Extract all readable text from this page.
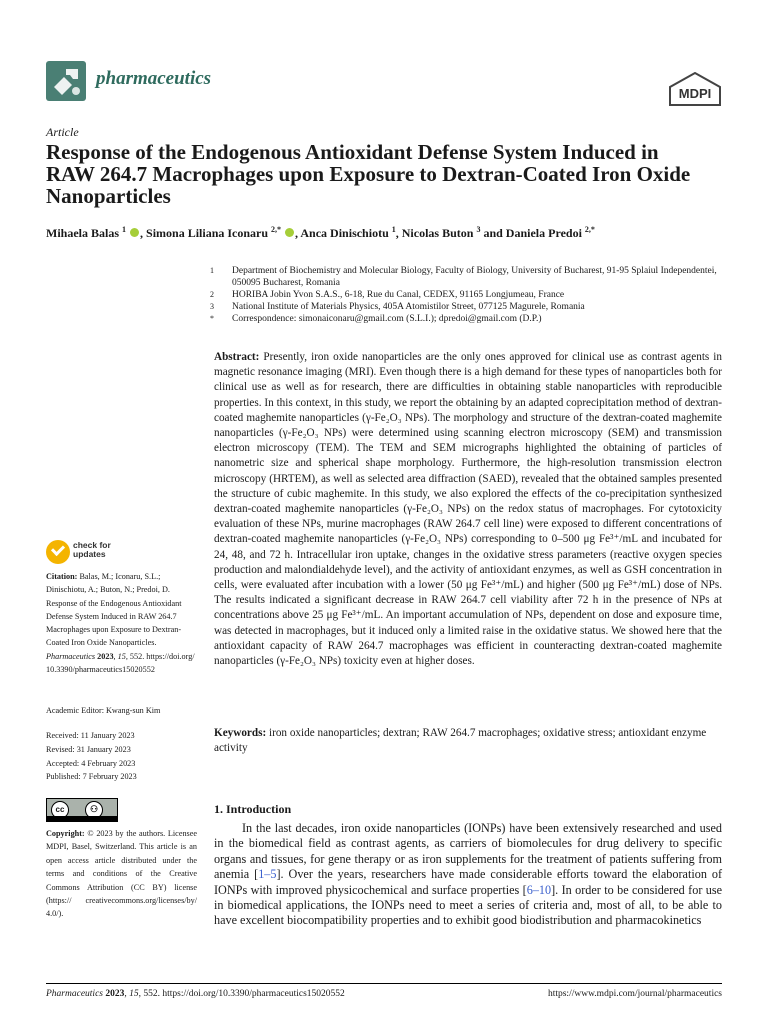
pharmaceutics
MDPI
Article
Response of the Endogenous Antioxidant Defense System Induced in RAW 264.7 Macrophages upon Exposure to Dextran-Coated Iron Oxide Nanoparticles
Mihaela Balas $^1$ , Simona Liliana Iconaru $^{2,*}$ , Anca Dinischiotu $^1$, Nicolas Buton $^3$ and Daniela Predoi $^{2,*}$
1 Department of Biochemistry and Molecular Biology, Faculty of Biology, University of Bucharest, 91-95 Splaiul Independentei, 050095 Bucharest, Romania
2 HORIBA Jobin Yvon S.A.S., 6-18, Rue du Canal, CEDEX, 91165 Longjumeau, France
3 National Institute of Materials Physics, 405A Atomistilor Street, 077125 Magurele, Romania
* Correspondence: simonaiconaru@gmail.com (S.L.I.); dpredoi@gmail.com (D.P.)

Abstract: Presently, iron oxide nanoparticles are the only ones approved for clinical use as contrast agents in magnetic resonance imaging (MRI). Even though there is a high demand for these types of nanoparticles both for clinical use as well as for research, there are difficulties in obtaining stable nanoparticles with reproducible properties. In this context, in this study, we report the obtaining by an adapted coprecipitation method of dextran-coated maghemite nanoparticles (γ-Fe₂O₃ NPs). The morphology and structure of the dextran-coated maghemite nanoparticles (γ-Fe₂O₃ NPs) were determined using scanning electron microscopy (SEM) and transmission electron microscopy (TEM). The TEM and SEM micrographs highlighted the obtaining of particles of nanometric size and spherical shape morphology. Furthermore, the high-resolution transmission electron microscopy (HRTEM), as well as selected area diffraction (SAED), revealed that the obtained samples presented the structure of cubic maghemite. In this study, we also explored the effects of the co-precipitation synthesized dextran-coated maghemite nanoparticles (γ-Fe₂O₃ NPs) on the redox status of macrophages. For cytotoxicity evaluation of these NPs, murine macrophages (RAW 264.7 cell line) were exposed to different concentrations of dextran-coated maghemite nanoparticles (γ-Fe₂O₃ NPs) corresponding to 0–500 μg Fe³⁺/mL and incubated for 24, 48, and 72 h. Intracellular iron uptake, changes in the oxidative stress parameters (reactive oxygen species production and malondialdehyde level), and the activity of antioxidant enzymes, as well as GSH concentration in cells, were evaluated after incubation with a lower (50 μg Fe³⁺/mL) and higher (500 μg Fe³⁺/mL) dose of NPs. The results indicated a significant decrease in RAW 264.7 cell viability after 72 h in the presence of NPs at concentrations above 25 μg Fe³⁺/mL. An important accumulation of NPs, dependent on dose and exposure time, was detected in macrophages, but it induced only a limited raise in the oxidative status. We showed here that the antioxidant capacity of RAW 264.7 macrophages was efficient in counteracting dextran-coated maghemite nanoparticles (γ-Fe₂O₃ NPs) toxicity even at higher doses.

Keywords: iron oxide nanoparticles; dextran; RAW 264.7 macrophages; oxidative stress; antioxidant enzyme activity

check for
updates

Citation: Balas, M.; Iconaru, S.L.; Dinischiotu, A.; Buton, N.; Predoi, D. Response of the Endogenous Antioxidant Defense System Induced in RAW 264.7 Macrophages upon Exposure to Dextran-Coated Iron Oxide Nanoparticles. Pharmaceutics 2023, 15, 552. https://doi.org/ 10.3390/pharmaceutics15020552

Academic Editor: Kwang-sun Kim
Received: 11 January 2023
Revised: 31 January 2023
Accepted: 4 February 2023
Published: 7 February 2023
cc	⚇

Copyright: © 2023 by the authors. Licensee MDPI, Basel, Switzerland. This article is an open access article distributed under the terms and conditions of the Creative Commons Attribution (CC BY) license (https:// creativecommons.org/licenses/by/ 4.0/).

1. Introduction

In the last decades, iron oxide nanoparticles (IONPs) have been extensively researched and used in the biomedical field as contrast agents, as carriers of biomolecules for drug delivery to specific organs and tissues, for gene therapy or as iron supplements for the treatment of patients suffering from anemia [1–5]. Over the years, researchers have made considerable efforts toward the elaboration of IONPs with improved physicochemical and surface properties [6–10]. In order to be considered for use in biomedical applications, the IONPs need to meet a series of criteria and, most of all, to be able to have excellent biocompatibility properties and to exhibit good biodistribution and pharmacokinetics

Pharmaceutics 2023, 15, 552. https://doi.org/10.3390/pharmaceutics15020552	https://www.mdpi.com/journal/pharmaceutics
